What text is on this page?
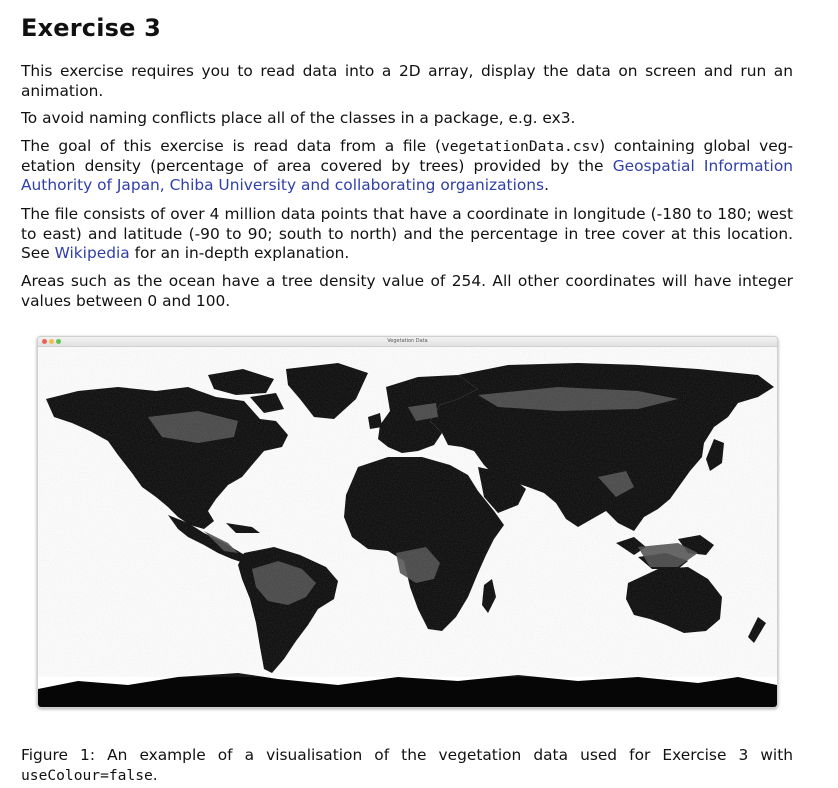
Exercise 3

This exercise requires you to read data into a 2D array, display the data on screen and run an animation.

To avoid naming conflicts place all of the classes in a package, e.g. ex3.

The goal of this exercise is read data from a file (vegetationData.csv) containing global veg-etation density (percentage of area covered by trees) provided by the Geospatial Information Authority of Japan, Chiba University and collaborating organizations.

The file consists of over 4 million data points that have a coordinate in longitude (-180 to 180; west to east) and latitude (-90 to 90; south to north) and the percentage in tree cover at this location. See Wikipedia for an in-depth explanation.

Areas such as the ocean have a tree density value of 254. All other coordinates will have integer values between 0 and 100.

Figure 1: An example of a visualisation of the vegetation data used for Exercise 3 with useColour=false.

Vegetation Data
